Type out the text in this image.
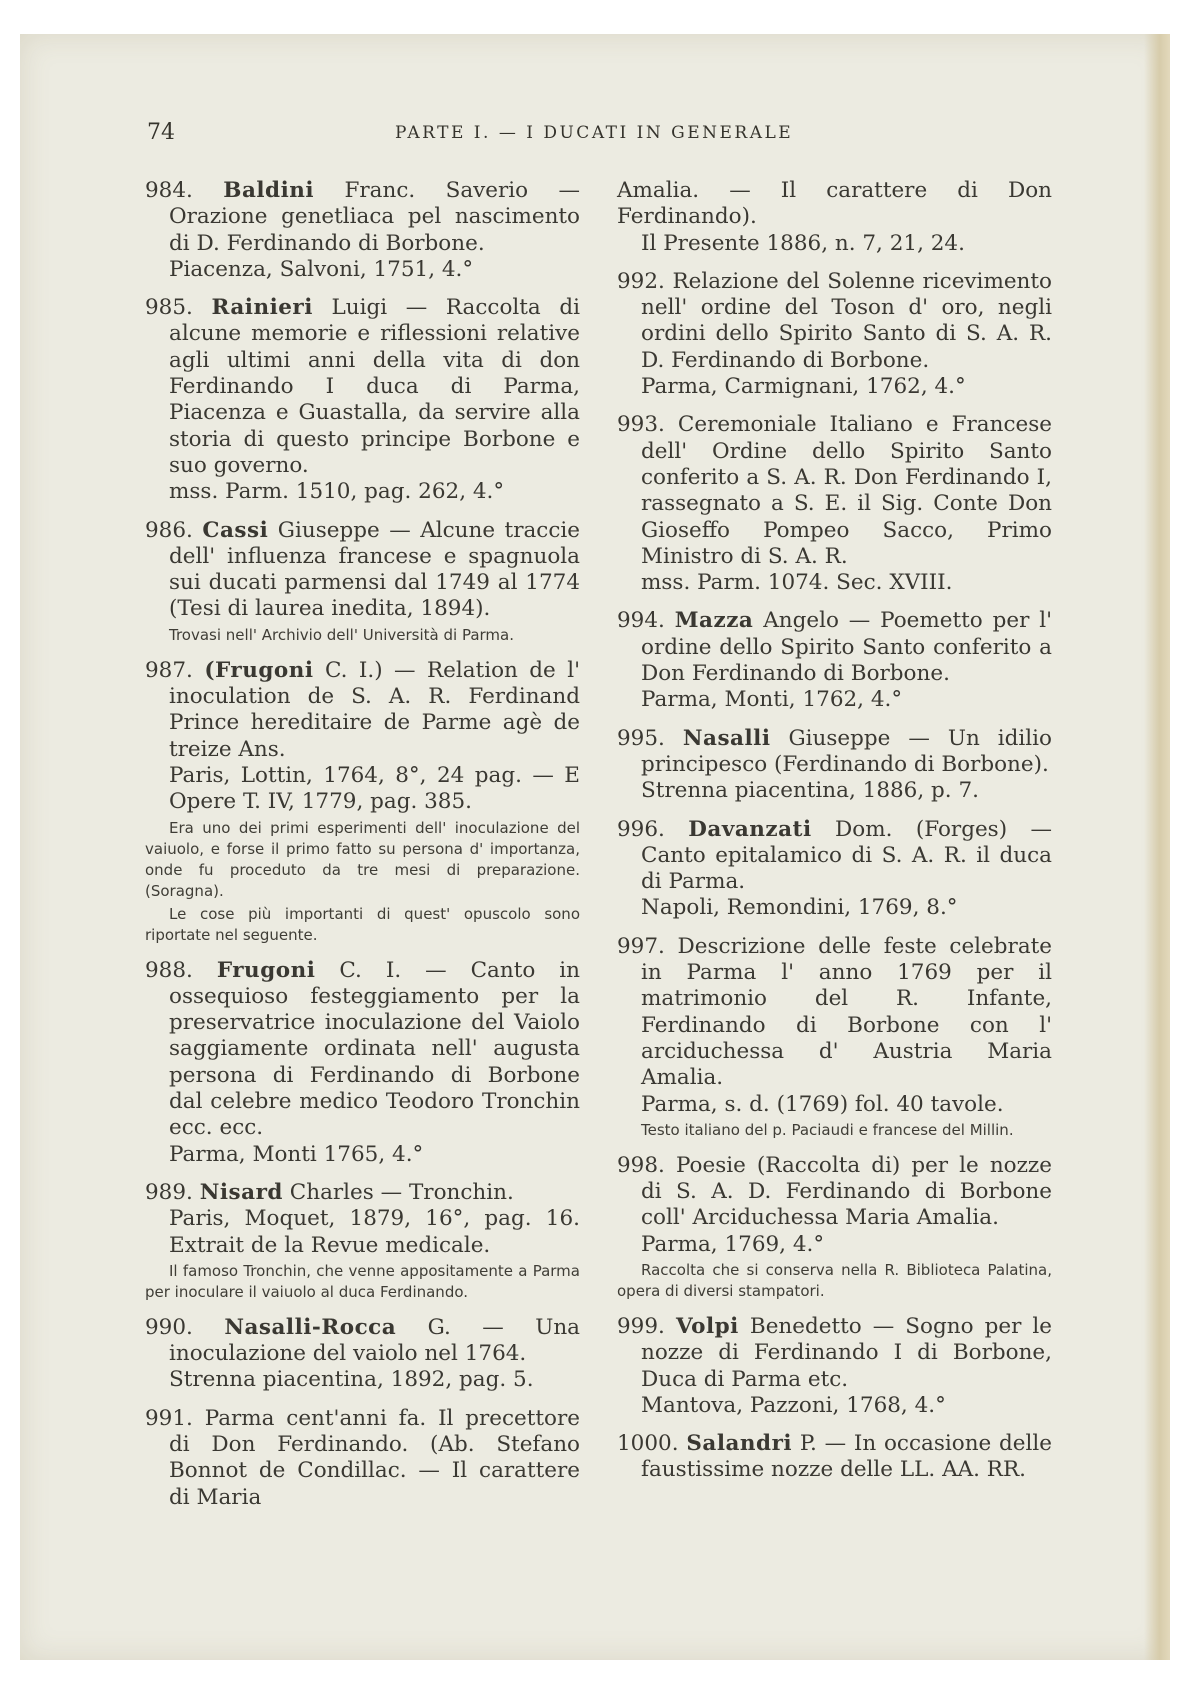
74	PARTE I. — I DUCATI IN GENERALE
984. Baldini Franc. Saverio — Orazione genetliaca pel nascimento di D. Ferdinando di Borbone.
Piacenza, Salvoni, 1751, 4.°
985. Rainieri Luigi — Raccolta di alcune memorie e riflessioni relative agli ultimi anni della vita di don Ferdinando I duca di Parma, Piacenza e Guastalla, da servire alla storia di questo principe Borbone e suo governo.
mss. Parm. 1510, pag. 262, 4.°
986. Cassi Giuseppe — Alcune traccie dell' influenza francese e spagnuola sui ducati parmensi dal 1749 al 1774 (Tesi di laurea inedita, 1894).
Trovasi nell' Archivio dell' Università di Parma.
987. (Frugoni C. I.) — Relation de l' inoculation de S. A. R. Ferdinand Prince hereditaire de Parme agè de treize Ans.
Paris, Lottin, 1764, 8°, 24 pag. — E Opere T. IV, 1779, pag. 385.
Era uno dei primi esperimenti dell' inoculazione del vaiuolo, e forse il primo fatto su persona d' importanza, onde fu proceduto da tre mesi di preparazione. (Soragna).
Le cose più importanti di quest' opuscolo sono riportate nel seguente.
988. Frugoni C. I. — Canto in ossequioso festeggiamento per la preservatrice inoculazione del Vaiolo saggiamente ordinata nell' augusta persona di Ferdinando di Borbone dal celebre medico Teodoro Tronchin ecc. ecc.
Parma, Monti 1765, 4.°
989. Nisard Charles — Tronchin.
Paris, Moquet, 1879, 16°, pag. 16. Extrait de la Revue medicale.
Il famoso Tronchin, che venne appositamente a Parma per inoculare il vaiuolo al duca Ferdinando.
990. Nasalli-Rocca G. — Una inoculazione del vaiolo nel 1764.
Strenna piacentina, 1892, pag. 5.
991. Parma cent'anni fa. Il precettore di Don Ferdinando. (Ab. Stefano Bonnot de Condillac. — Il carattere di Maria
Amalia. — Il carattere di Don Ferdinando).
Il Presente 1886, n. 7, 21, 24.
992. Relazione del Solenne ricevimento nell' ordine del Toson d' oro, negli ordini dello Spirito Santo di S. A. R. D. Ferdinando di Borbone.
Parma, Carmignani, 1762, 4.°
993. Ceremoniale Italiano e Francese dell' Ordine dello Spirito Santo conferito a S. A. R. Don Ferdinando I, rassegnato a S. E. il Sig. Conte Don Gioseffo Pompeo Sacco, Primo Ministro di S. A. R.
mss. Parm. 1074. Sec. XVIII.
994. Mazza Angelo — Poemetto per l' ordine dello Spirito Santo conferito a Don Ferdinando di Borbone.
Parma, Monti, 1762, 4.°
995. Nasalli Giuseppe — Un idilio principesco (Ferdinando di Borbone).
Strenna piacentina, 1886, p. 7.
996. Davanzati Dom. (Forges) — Canto epitalamico di S. A. R. il duca di Parma.
Napoli, Remondini, 1769, 8.°
997. Descrizione delle feste celebrate in Parma l' anno 1769 per il matrimonio del R. Infante, Ferdinando di Borbone con l' arciduchessa d' Austria Maria Amalia.
Parma, s. d. (1769) fol. 40 tavole.
Testo italiano del p. Paciaudi e francese del Millin.
998. Poesie (Raccolta di) per le nozze di S. A. D. Ferdinando di Borbone coll' Arciduchessa Maria Amalia.
Parma, 1769, 4.°
Raccolta che si conserva nella R. Biblioteca Palatina, opera di diversi stampatori.
999. Volpi Benedetto — Sogno per le nozze di Ferdinando I di Borbone, Duca di Parma etc.
Mantova, Pazzoni, 1768, 4.°
1000. Salandri P. — In occasione delle faustissime nozze delle LL. AA. RR.
